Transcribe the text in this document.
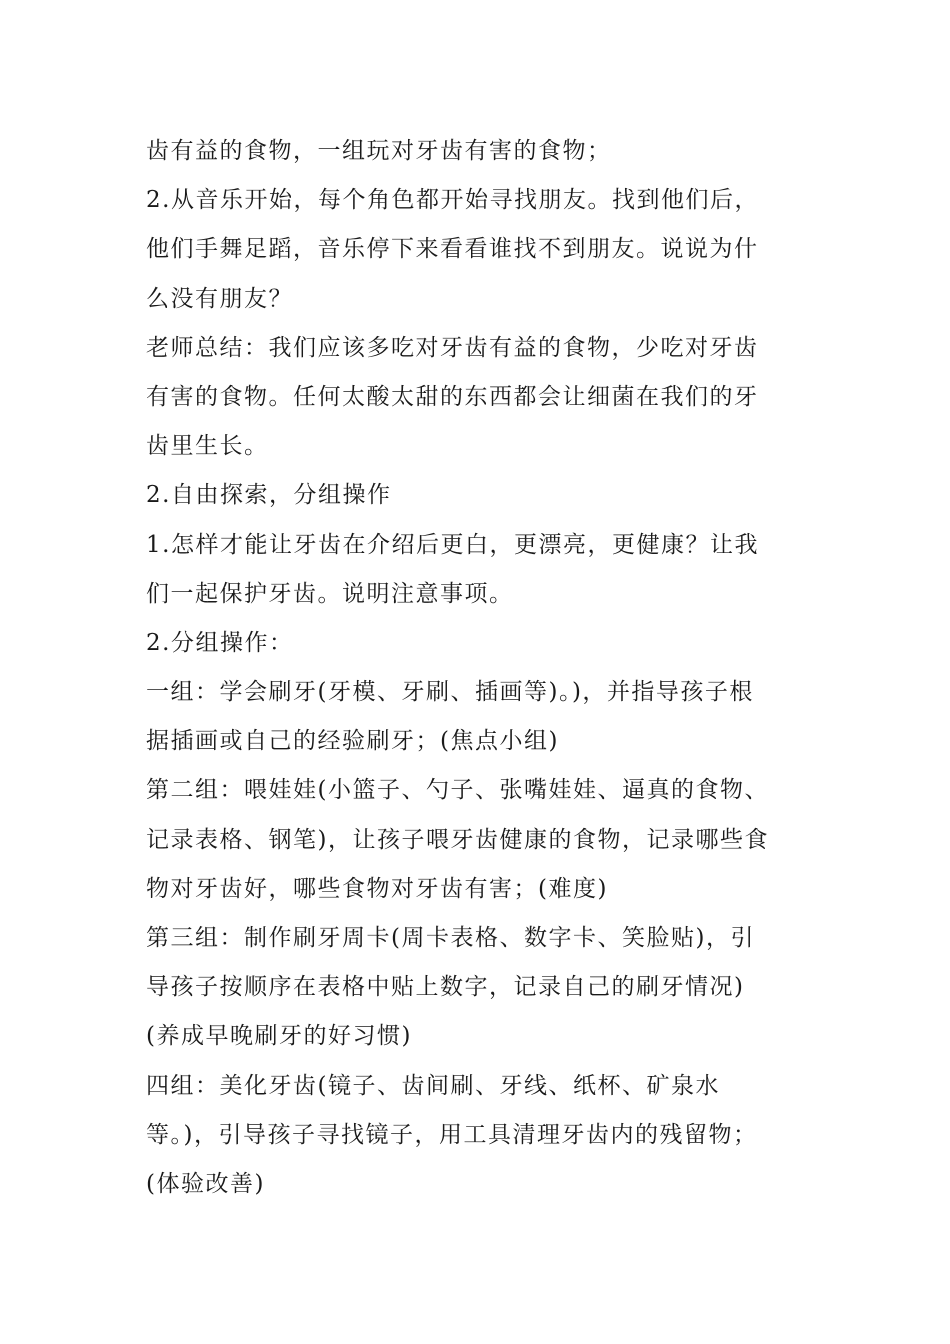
齿有益的食物，一组玩对牙齿有害的食物；
2.从音乐开始，每个角色都开始寻找朋友。找到他们后，
他们手舞足蹈，音乐停下来看看谁找不到朋友。说说为什
么没有朋友？
老师总结：我们应该多吃对牙齿有益的食物，少吃对牙齿
有害的食物。任何太酸太甜的东西都会让细菌在我们的牙
齿里生长。
2.自由探索，分组操作
1.怎样才能让牙齿在介绍后更白，更漂亮，更健康？让我
们一起保护牙齿。说明注意事项。
2.分组操作：
一组：学会刷牙(牙模、牙刷、插画等)。)，并指导孩子根
据插画或自己的经验刷牙；(焦点小组)
第二组：喂娃娃(小篮子、勺子、张嘴娃娃、逼真的食物、
记录表格、钢笔)，让孩子喂牙齿健康的食物，记录哪些食
物对牙齿好，哪些食物对牙齿有害；(难度)
第三组：制作刷牙周卡(周卡表格、数字卡、笑脸贴)，引
导孩子按顺序在表格中贴上数字，记录自己的刷牙情况)
(养成早晚刷牙的好习惯)
四组：美化牙齿(镜子、齿间刷、牙线、纸杯、矿泉水
等。)，引导孩子寻找镜子，用工具清理牙齿内的残留物；
(体验改善)
